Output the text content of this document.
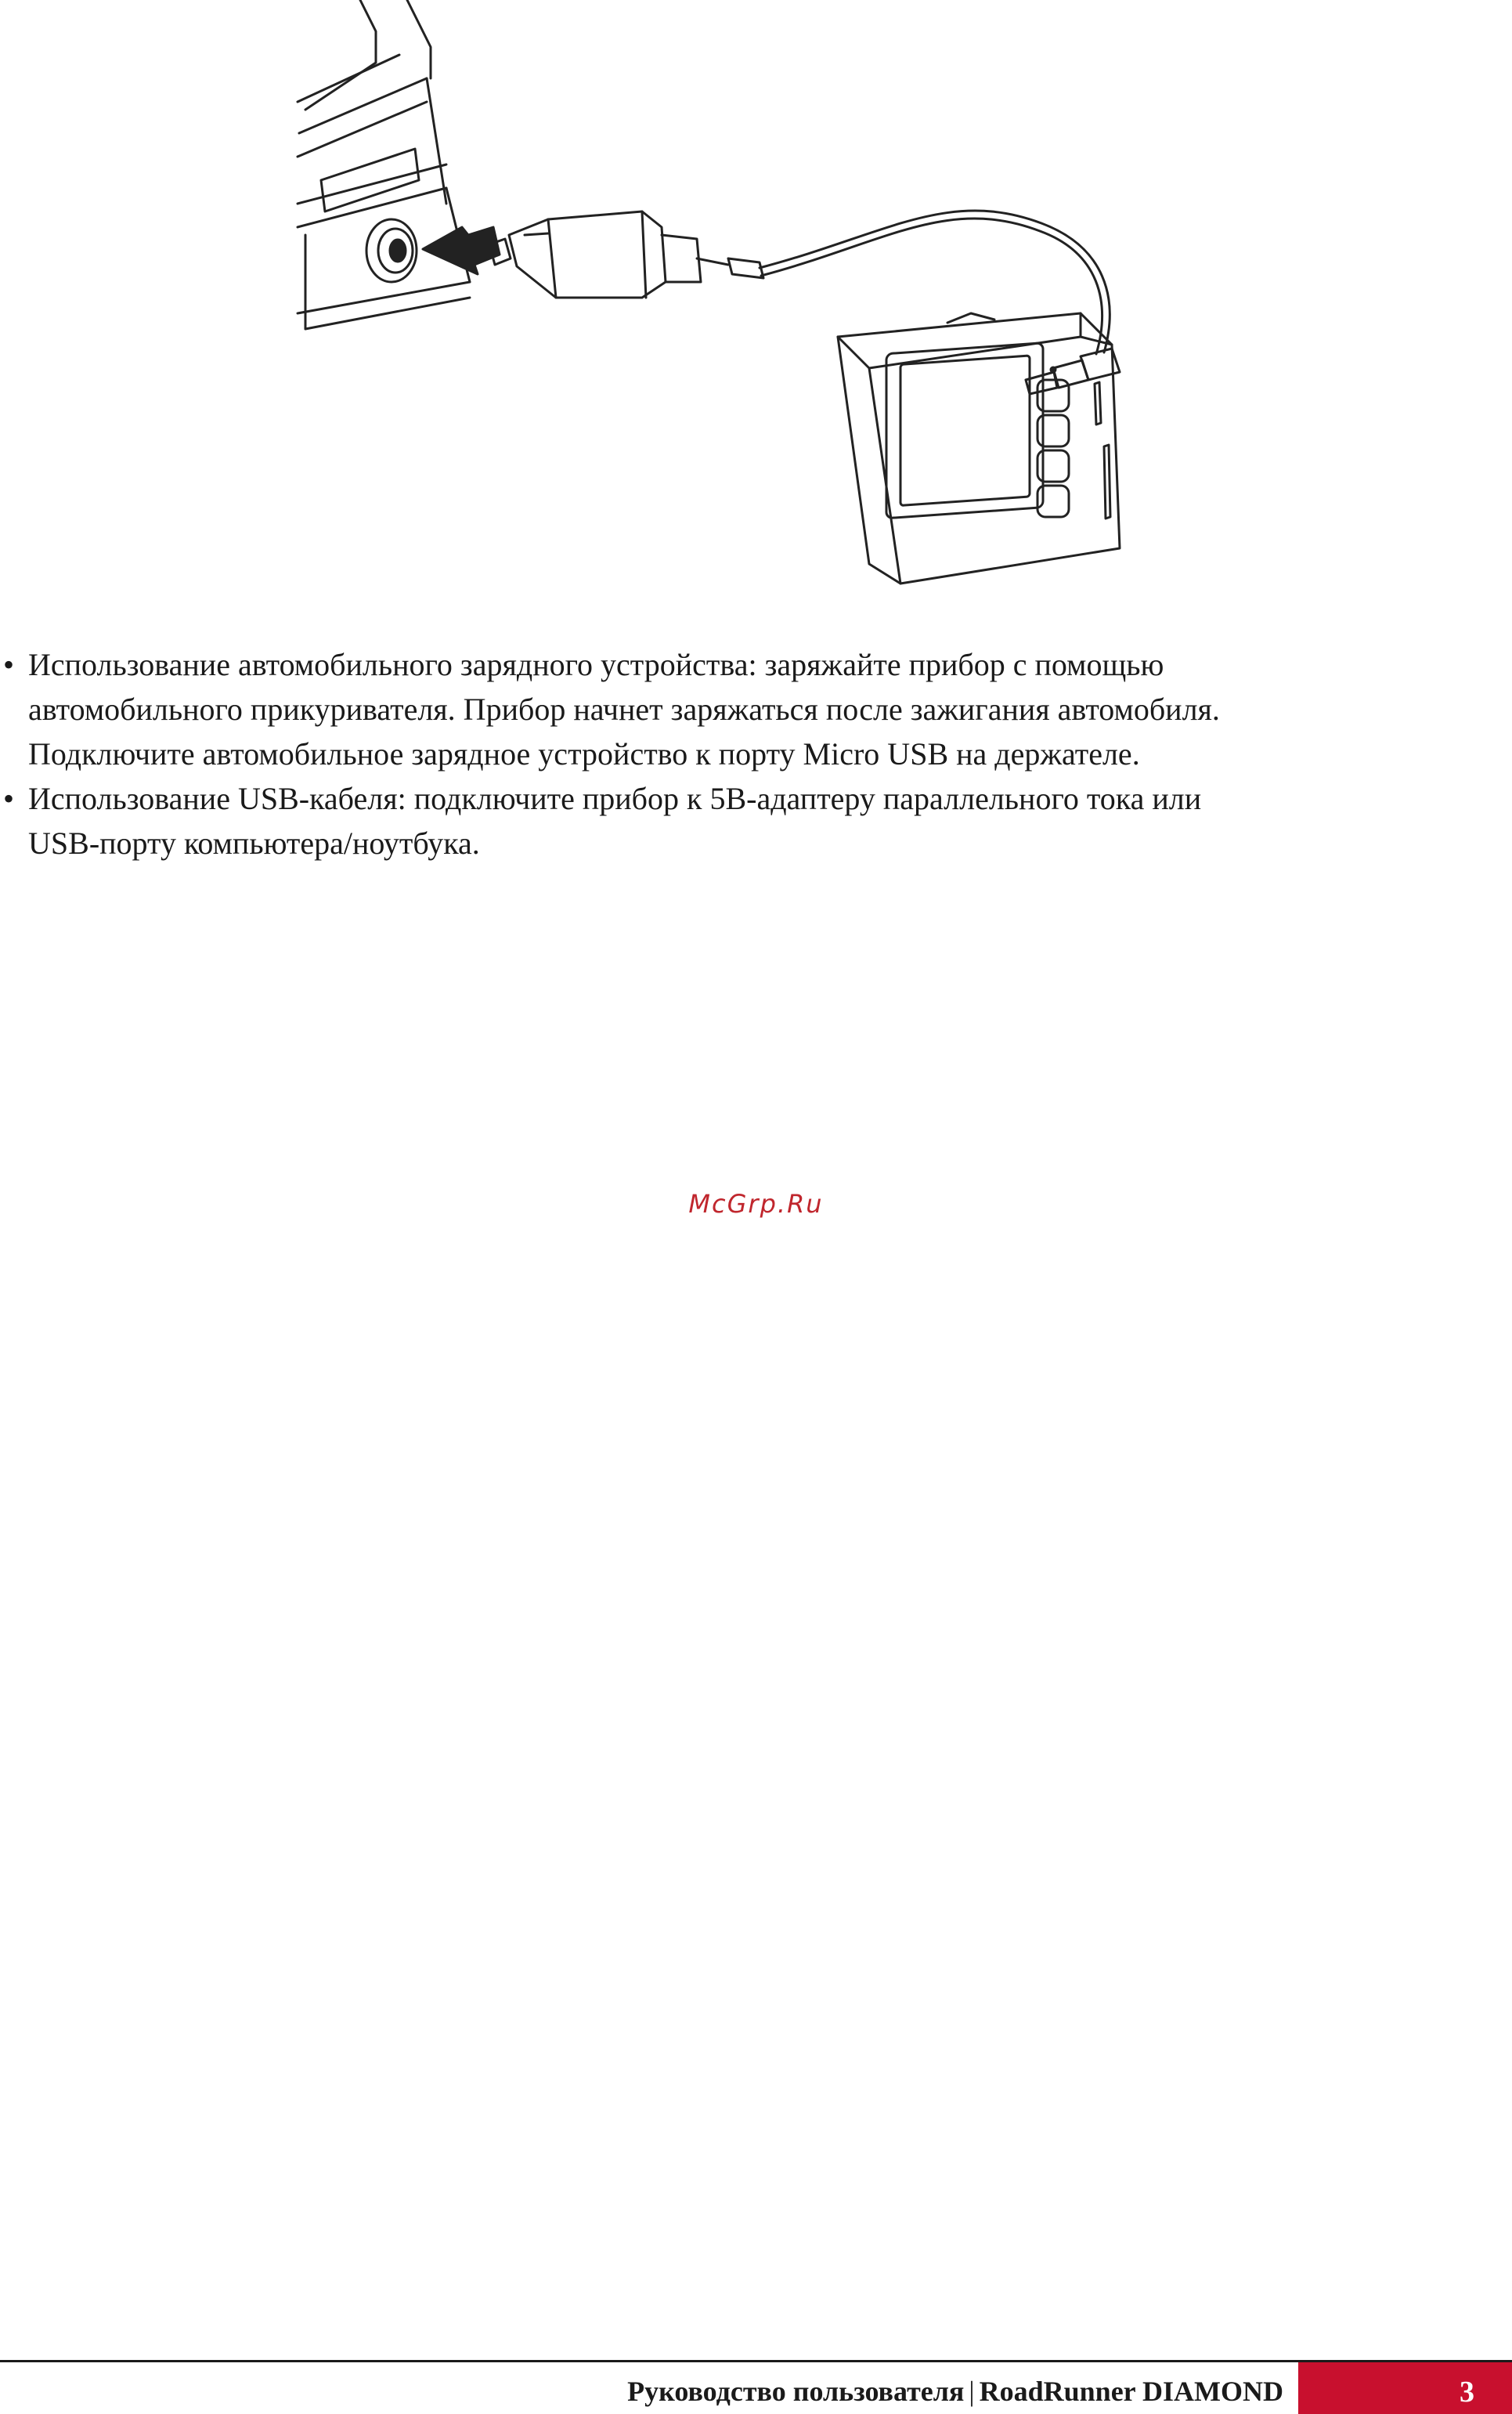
• Использование автомобильного зарядного устройства: заряжайте прибор с помощью
автомобильного прикуривателя. Прибор начнет заряжаться после зажигания автомобиля.
Подключите автомобильное зарядное устройство к порту Micro USB на держателе.
• Использование USB-кабеля: подключите прибор к 5В-адаптеру параллельного тока или
USB-порту компьютера/ноутбука.
McGrp.Ru
Руководство пользователя | RoadRunner DIAMOND	3
